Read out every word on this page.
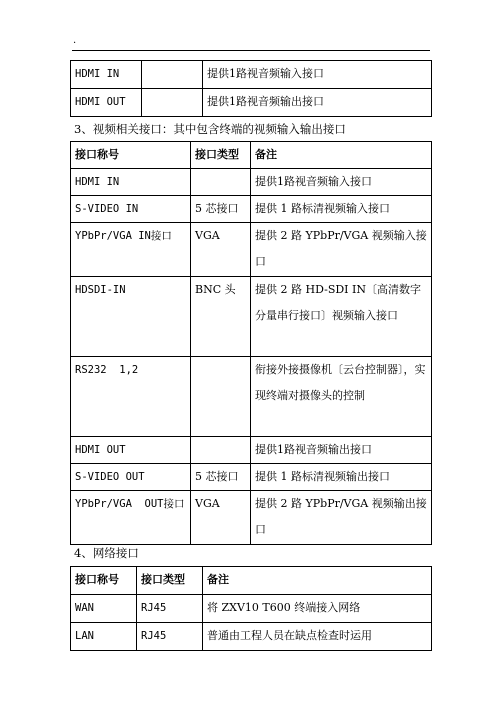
.
HDMI IN		提供1路视音频输入接口
HDMI OUT		提供1路视音频输出接口
3、视频相关接口：其中包含终端的视频输入输出接口
接口称号	接口类型	备注
HDMI IN		提供1路视音频输入接口
S-VIDEO IN	5 芯接口	提供 1 路标清视频输入接口
YPbPr/VGA IN接口	VGA	提供 2 路 YPbPr/VGA 视频输入接口
HDSDI-IN	BNC 头	提供 2 路 HD-SDI IN〔高清数字分量串行接口〕视频输入接口
RS232  1,2		衔接外接摄像机〔云台控制器〕，实现终端对摄像头的控制
HDMI OUT		提供1路视音频输出接口
S-VIDEO OUT	5 芯接口	提供 1 路标清视频输出接口
YPbPr/VGA  OUT接口	VGA	提供 2 路 YPbPr/VGA 视频输出接口
4、网络接口
接口称号	接口类型	备注
WAN	RJ45	将 ZXV10 T600 终端接入网络
LAN	RJ45	普通由工程人员在缺点检查时运用
